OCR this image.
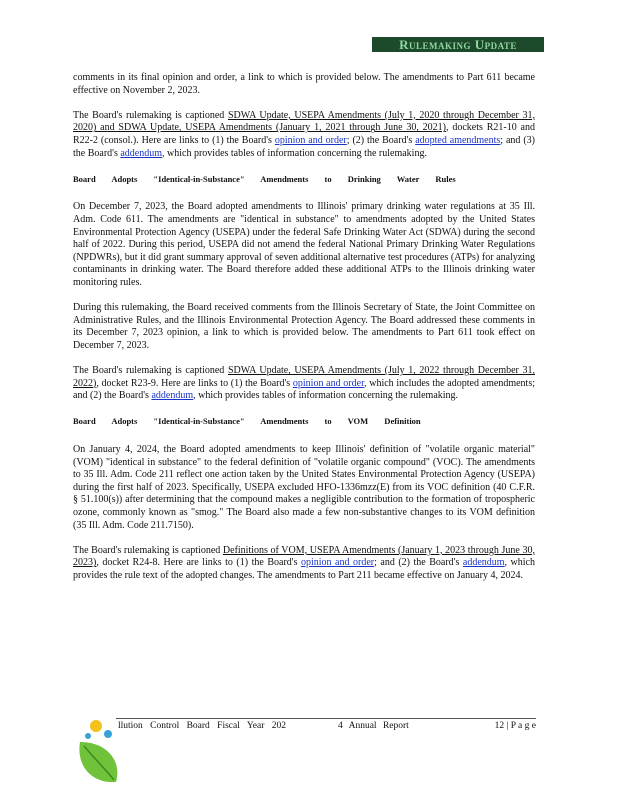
Rulemaking Update

comments in its final opinion and order, a link to which is provided below. The amendments to Part 611 became effective on November 2, 2023.

The Board's rulemaking is captioned SDWA Update, USEPA Amendments (July 1, 2020 through December 31, 2020) and SDWA Update, USEPA Amendments (January 1, 2021 through June 30, 2021), dockets R21-10 and R22-2 (consol.). Here are links to (1) the Board's opinion and order; (2) the Board's adopted amendments; and (3) the Board's addendum, which provides tables of information concerning the rulemaking.

Board Adopts "Identical-in-Substance" Amendments to Drinking Water Rules

On December 7, 2023, the Board adopted amendments to Illinois' primary drinking water regulations at 35 Ill. Adm. Code 611. The amendments are "identical in substance" to amendments adopted by the United States Environmental Protection Agency (USEPA) under the federal Safe Drinking Water Act (SDWA) during the second half of 2022. During this period, USEPA did not amend the federal National Primary Drinking Water Regulations (NPDWRs), but it did grant summary approval of seven additional alternative test procedures (ATPs) for analyzing contaminants in drinking water. The Board therefore added these additional ATPs to the Illinois drinking water monitoring rules.

During this rulemaking, the Board received comments from the Illinois Secretary of State, the Joint Committee on Administrative Rules, and the Illinois Environmental Protection Agency. The Board addressed these comments in its December 7, 2023 opinion, a link to which is provided below. The amendments to Part 611 took effect on December 7, 2023.

The Board's rulemaking is captioned SDWA Update, USEPA Amendments (July 1, 2022 through December 31, 2022), docket R23-9. Here are links to (1) the Board's opinion and order, which includes the adopted amendments; and (2) the Board's addendum, which provides tables of information concerning the rulemaking.

Board Adopts "Identical-in-Substance" Amendments to VOM Definition

On January 4, 2024, the Board adopted amendments to keep Illinois' definition of "volatile organic material" (VOM) "identical in substance" to the federal definition of "volatile organic compound" (VOC). The amendments to 35 Ill. Adm. Code 211 reflect one action taken by the United States Environmental Protection Agency (USEPA) during the first half of 2023. Specifically, USEPA excluded HFO-1336mzz(E) from its VOC definition (40 C.F.R. § 51.100(s)) after determining that the compound makes a negligible contribution to the formation of tropospheric ozone, commonly known as "smog." The Board also made a few non-substantive changes to its VOM definition (35 Ill. Adm. Code 211.7150).

The Board's rulemaking is captioned Definitions of VOM, USEPA Amendments (January 1, 2023 through June 30, 2023), docket R24-8. Here are links to (1) the Board's opinion and order; and (2) the Board's addendum, which provides the rule text of the adopted changes. The amendments to Part 211 became effective on January 4, 2024.

llution Control Board Fiscal Year 202	4 Annual Report	12 | P a g e
